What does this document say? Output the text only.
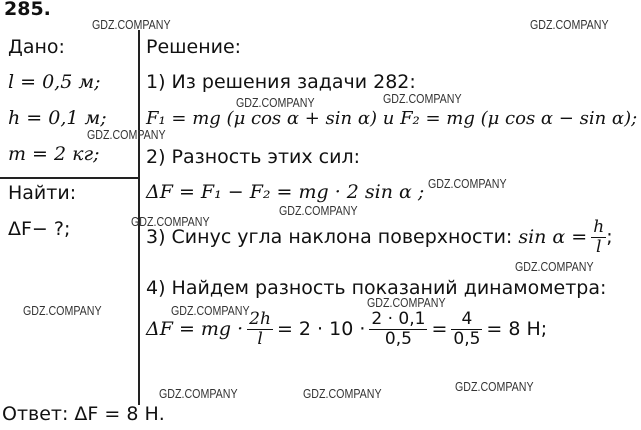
285.
Дано:
l = 0,5 м;
h = 0,1 м;
m = 2 кг;
Найти:
ΔF− ?;
Решение:
1) Из решения задачи 282:
F₁ = mg (μ cos α + sin α) и F₂ = mg (μ cos α − sin α);
2) Разность этих сил:
ΔF = F₁ − F₂ = mg · 2 sin α ;
3) Синус угла наклона поверхности: $\sin \alpha = \frac{h}{l}$ ;
4) Найдем разность показаний динамометра:
ΔF = mg · $\frac{2h}{l} = 2 \cdot 10 \cdot \frac{2 \cdot 0,1}{0,5} = \frac{4}{0,5} = 8$ Н;
Ответ: ΔF = 8 Н.
GDZ.COMPANY	GDZ.COMPANY
GDZ.COMPANY	GDZ.COMPANY
GDZ.COMPANY
GDZ.COMPANY
GDZ.COMPANY
GDZ.COMPANY
GDZ.COMPANY
GDZ.COMPANY
GDZ.COMPANY	GDZ.COMPANY
GDZ.COMPANY	GDZ.COMPANY	GDZ.COMPANY
